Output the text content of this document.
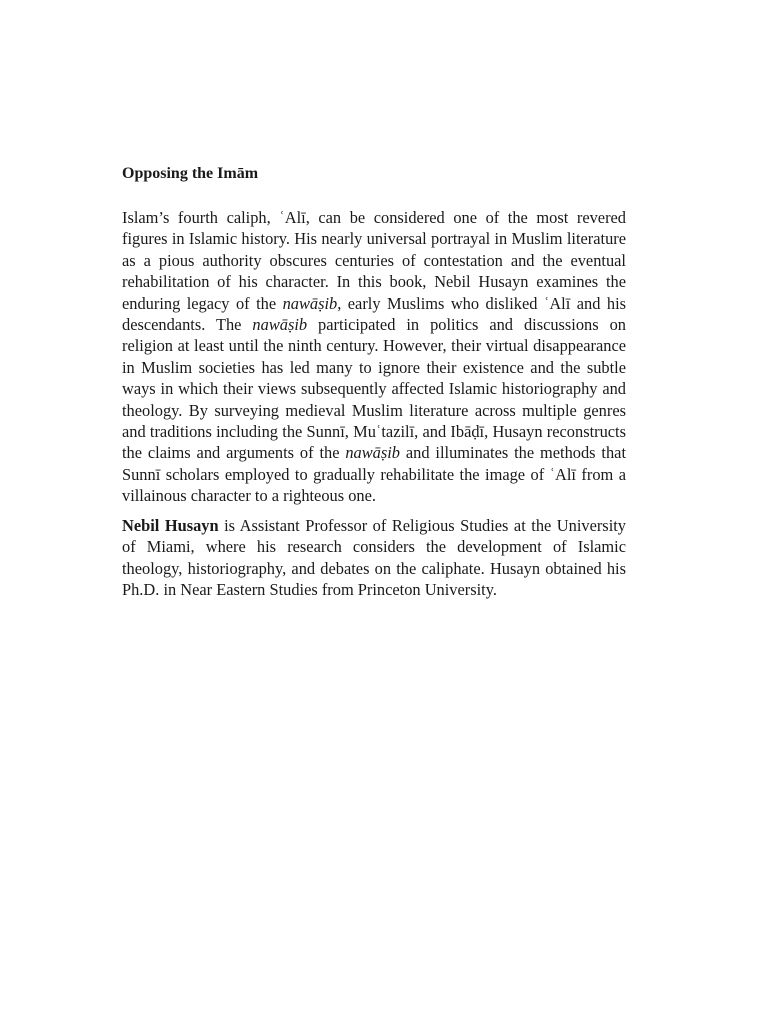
Opposing the Imām

Islam’s fourth caliph, ʿAlī, can be considered one of the most revered figures in Islamic history. His nearly universal portrayal in Muslim literature as a pious authority obscures centuries of contestation and the eventual rehabilitation of his character. In this book, Nebil Husayn examines the enduring legacy of the nawāṣib, early Muslims who disliked ʿAlī and his descendants. The nawāṣib participated in politics and discussions on religion at least until the ninth century. However, their virtual disappearance in Muslim societies has led many to ignore their existence and the subtle ways in which their views subsequently affected Islamic historiography and theology. By surveying medieval Muslim literature across multiple genres and traditions including the Sunnī, Muʿtazilī, and Ibāḍī, Husayn reconstructs the claims and arguments of the nawāṣib and illuminates the methods that Sunnī scholars employed to gradually rehabilitate the image of ʿAlī from a villainous character to a righteous one.

Nebil Husayn is Assistant Professor of Religious Studies at the University of Miami, where his research considers the development of Islamic theology, historiography, and debates on the caliphate. Husayn obtained his Ph.D. in Near Eastern Studies from Princeton University.
